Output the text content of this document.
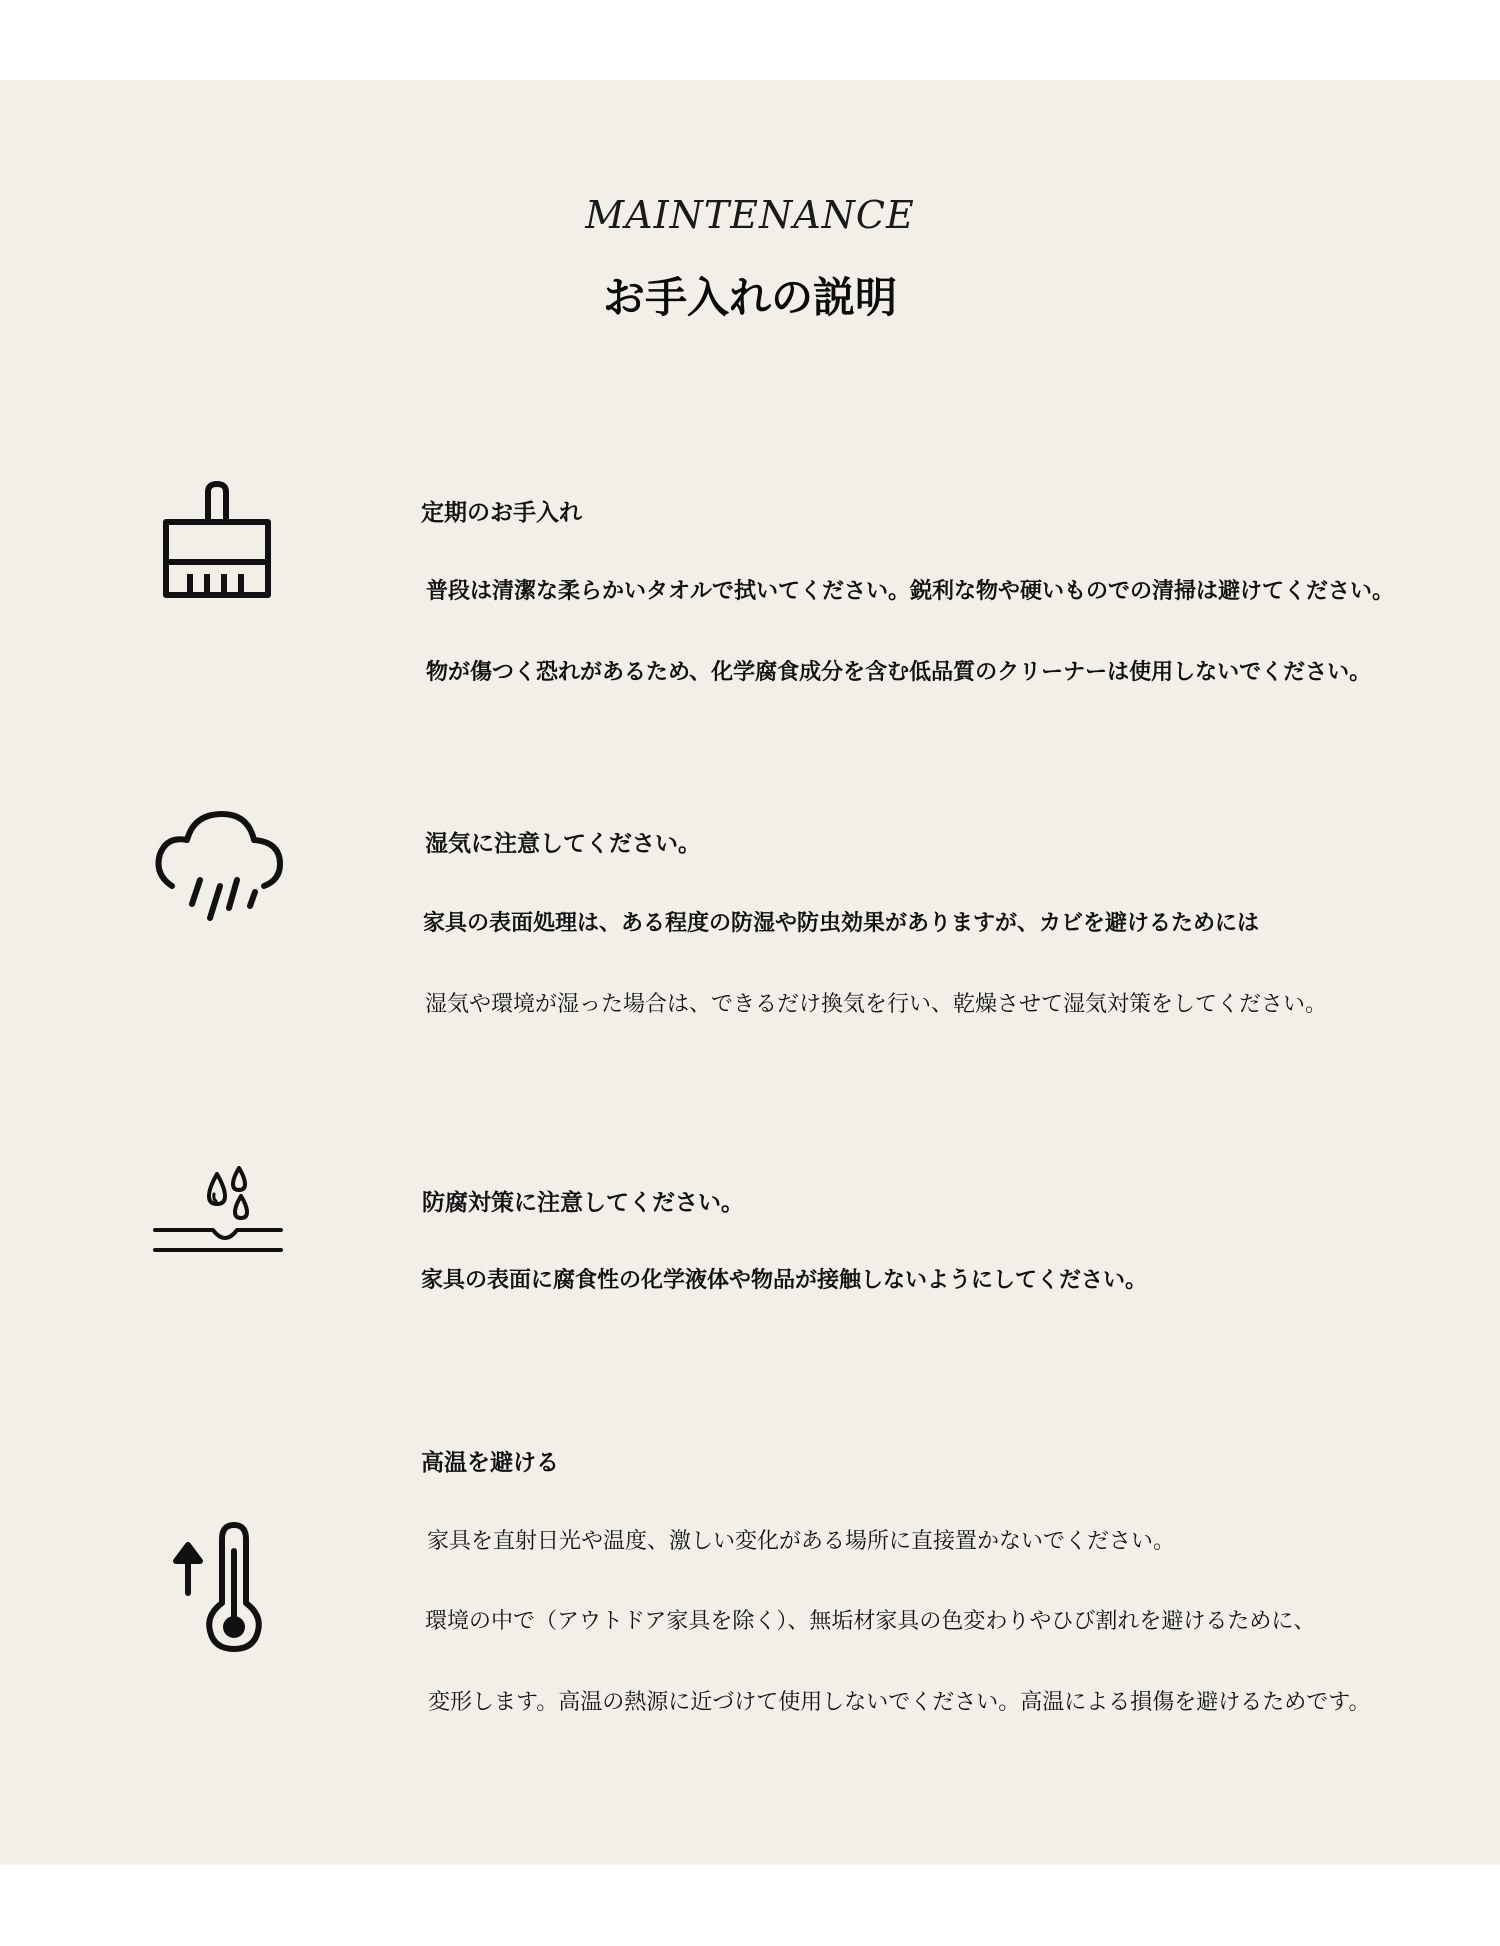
MAINTENANCE
お手入れの説明
定期のお手入れ
普段は清潔な柔らかいタオルで拭いてください。鋭利な物や硬いものでの清掃は避けてください。
物が傷つく恐れがあるため、化学腐食成分を含む低品質のクリーナーは使用しないでください。
湿気に注意してください。
家具の表面処理は、ある程度の防湿や防虫効果がありますが、カビを避けるためには
湿気や環境が湿った場合は、できるだけ換気を行い、乾燥させて湿気対策をしてください。
防腐対策に注意してください。
家具の表面に腐食性の化学液体や物品が接触しないようにしてください。
高温を避ける
家具を直射日光や温度、激しい変化がある場所に直接置かないでください。
環境の中で（アウトドア家具を除く）、無垢材家具の色変わりやひび割れを避けるために、
変形します。高温の熱源に近づけて使用しないでください。高温による損傷を避けるためです。
